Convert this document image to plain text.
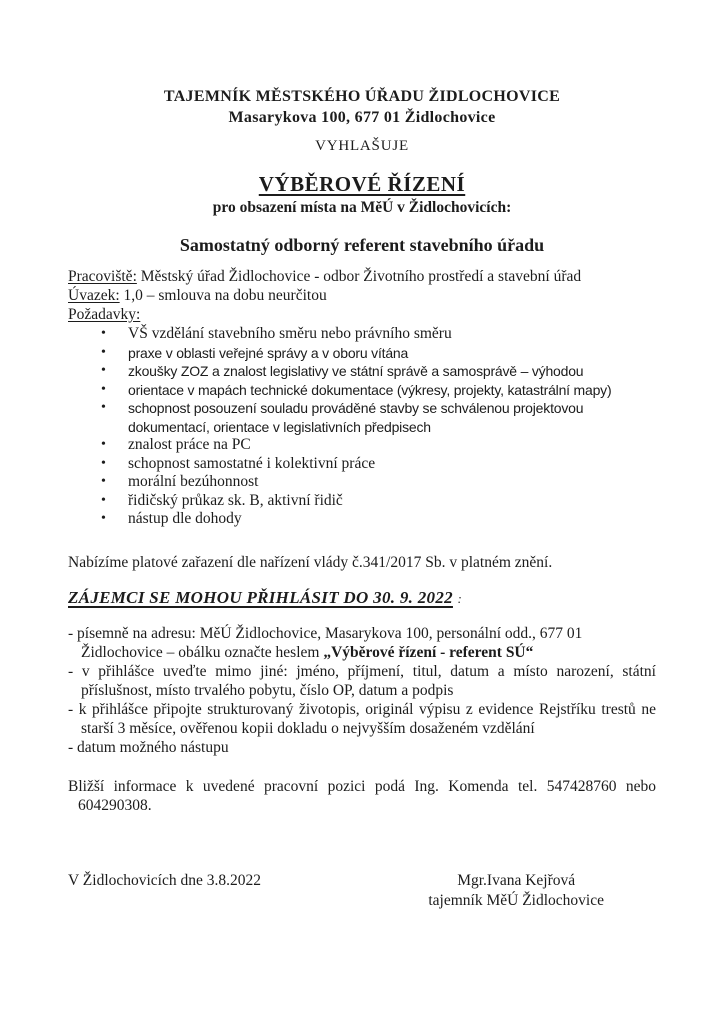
TAJEMNÍK MĚSTSKÉHO ÚŘADU ŽIDLOCHOVICE
Masarykova 100, 677 01 Židlochovice
VYHLAŠUJE
VÝBĚROVÉ ŘÍZENÍ
pro obsazení místa na MěÚ v Židlochovicích:
Samostatný odborný referent stavebního úřadu
Pracoviště: Městský úřad Židlochovice - odbor Životního prostředí a stavební úřad
Úvazek: 1,0 – smlouva na dobu neurčitou
Požadavky:
•	VŠ vzdělání stavebního směru nebo právního směru
•	praxe v oblasti veřejné správy a v oboru vítána
•	zkoušky ZOZ a znalost legislativy ve státní správě a samosprávě – výhodou
•	orientace v mapách technické dokumentace (výkresy, projekty, katastrální mapy)
•	schopnost posouzení souladu prováděné stavby se schválenou projektovou dokumentací, orientace v legislativních předpisech
•	znalost práce na PC
•	schopnost samostatné i kolektivní práce
•	morální bezúhonnost
•	řidičský průkaz sk. B, aktivní řidič
•	nástup dle dohody
Nabízíme platové zařazení dle nařízení vlády č.341/2017 Sb. v platném znění.
ZÁJEMCI SE MOHOU PŘIHLÁSIT DO 30. 9. 2022 :
- písemně na adresu: MěÚ Židlochovice, Masarykova 100, personální odd., 677 01 Židlochovice – obálku označte heslem „Výběrové řízení - referent SÚ“
- v přihlášce uveďte mimo jiné: jméno, příjmení, titul, datum a místo narození, státní příslušnost, místo trvalého pobytu, číslo OP, datum a podpis
- k přihlášce připojte strukturovaný životopis, originál výpisu z evidence Rejstříku trestů ne starší 3 měsíce, ověřenou kopii dokladu o nejvyšším dosaženém vzdělání
- datum možného nástupu
Bližší informace k uvedené pracovní pozici podá Ing. Komenda tel. 547428760 nebo 604290308.
V Židlochovicích dne 3.8.2022	Mgr.Ivana Kejřová
tajemník MěÚ Židlochovice
